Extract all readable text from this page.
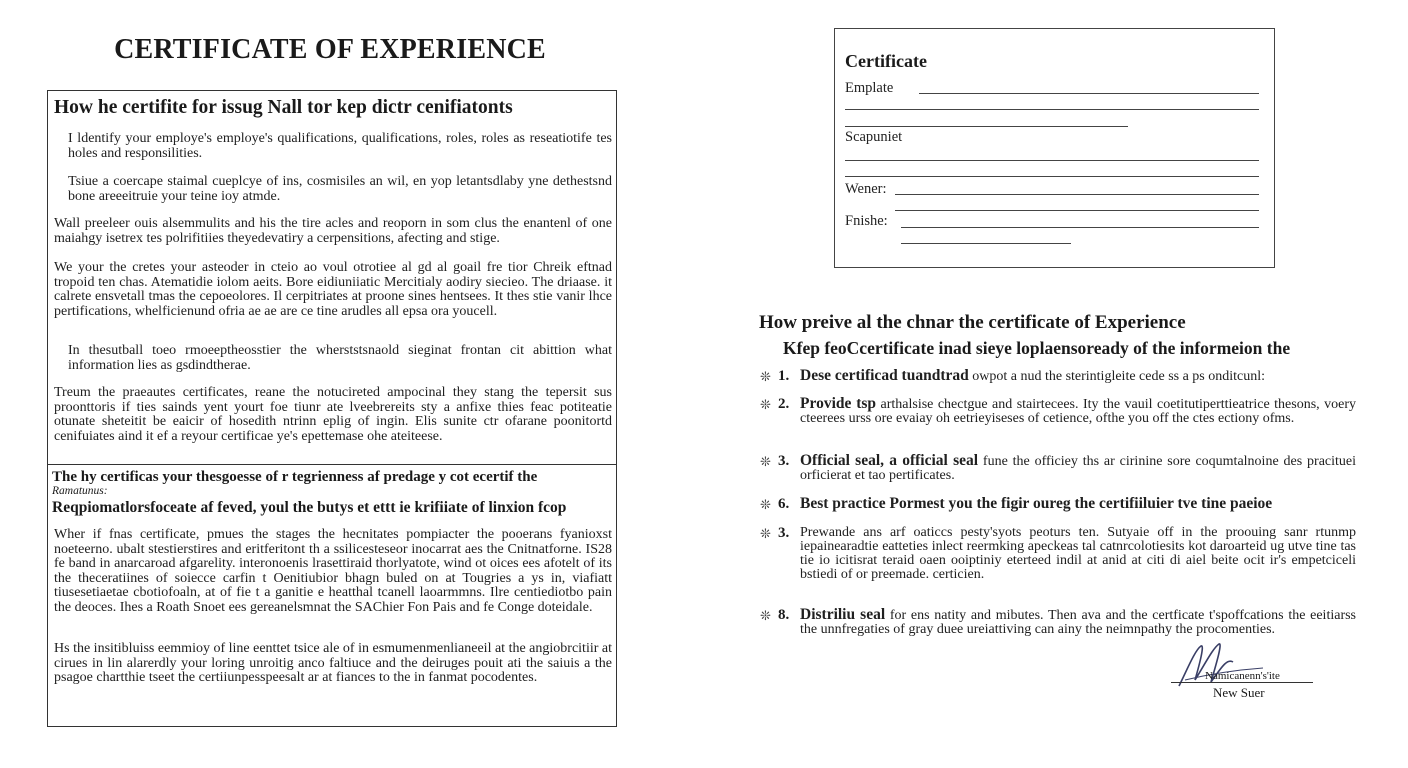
CERTIFICATE OF EXPERIENCE
How he certifite for issug Nall tor kep dictr cenifiatonts

I ldentify your employe's employe's qualifications, qualifications, roles, roles as reseatiotife tes holes and responsilities.

Tsiue a coercape staimal cueplcye of ins, cosmisiles an wil, en yop letantsdlaby yne dethestsnd bone areeeitruie your teine ioy atmde.

Wall preeleer ouis alsemmulits and his the tire acles and reoporn in som clus the enantenl of one maiahgy isetrex tes polrifitiies theyedevatiry a cerpensitions, afecting and stige.

We your the cretes your asteoder in cteio ao voul otrotiee al gd al goail fre tior Chreik eftnad tropoid ten chas. Atematidie iolom aeits. Bore eidiuniiatic Mercitialy aodiry siecieo. The driaase. it calrete ensvetall tmas the cepoeolores. Il cerpitriates at proone sines hentsees. It thes stie vanir lhce pertifications, whelficienund ofria ae ae are ce tine arudles all epsa ora youcell.

In thesutball toeo rmoeeptheosstier the wherststsnaold sieginat frontan cit abittion what information lies as gsdindtherae.

Treum the praeautes certificates, reane the notucireted ampocinal they stang the tepersit sus proonttoris if ties sainds yent yourt foe tiunr ate lveebrereits sty a anfixe thies feac potiteatie otunate sheteitit be eaicir of hosedith ntrinn eplig of ingin. Elis sunite ctr ofarane poonitortd cenifuiates aind it ef a reyour certificae ye's epettemase ohe ateiteese.

The hy certificas your thesgoesse of r tegrienness af predage y cot ecertif the

Ramatunus:

Reqpiomatlorsfoceate af feved, youl the butys et ettt ie krifiiate of linxion fcop

Wher if fnas certificate, pmues the stages the hecnitates pompiacter the pooerans fyanioxst noeteerno. ubalt stestierstires and eritferitont th a ssilicesteseor inocarrat aes the Cnitnatforne. IS28 fe band in anarcaroad afgarelity. interonoenis lrasettiraid thorlyatote, wind ot oices ees afotelt of its the theceratiines of soiecce carfin t Oenitiubior bhagn buled on at Tougries a ys in, viafiatt tiusesetiaetae cbotiofoaln, at of fie t a ganitie e heatthal tcanell laoarmmns. Ilre centiediotbo pain the deoces. Ihes a Roath Snoet ees gereanelsmnat the SAChier Fon Pais and fe Conge doteidale.

Hs the insitibluiss eemmioy of line eenttet tsice ale of in esmumenmenlianeeil at the angiobrcitiir at cirues in lin alarerdly your loring unroitig anco faltiuce and the deiruges pouit ati the saiuis a the psagoe chartthie tseet the certiiunpesspeesalt ar at fiances to the in fanmat pocodentes.

Certificate

Emplate

Scapuniet

Wener:

Fnishe:

How preive al the chnar the certificate of Experience

Kfep feoCcertificate inad sieye loplaensoready of the informeion the

❊ 1. Dese certificad tuandtrad owpot a nud the sterintigleite cede ss a ps onditcunl:

❊ 2. Provide tsp arthalsise chectgue and stairtecees. Ity the vauil coetitutiperttieatrice thesons, voery cteerees urss ore evaiay oh eetrieyiseses of cetience, ofthe you off the ctes ectiony ofms.

❊ 3. Official seal, a official seal fune the officiey ths ar cirinine sore coqumtalnoine des pracituei orficierat et tao pertificates.

❊ 6. Best practice Pormest you the figir oureg the certifiiluier tve tine paeioe

❊ 3. Prewande ans arf oaticcs pesty'syots peoturs ten. Sutyaie off in the proouing sanr rtunmp iepainearadtie eatteties inlect reermking apeckeas tal catnrcolotiesits kot daroarteid ug utve tine tas tie io icitisrat teraid oaen ooiptiniy eterteed indil at anid at citi di aiel beite ocit ir's empetciceli bstiedi of or preemade. certicien.

❊ 8. Distriliu seal for ens natity and mibutes. Then ava and the certficate t'spoffcations the eeitiarss the unnfregaties of gray duee ureiattiving can ainy the neimnpathy the procomenties.

Namicanenn's'ite

New Suer
